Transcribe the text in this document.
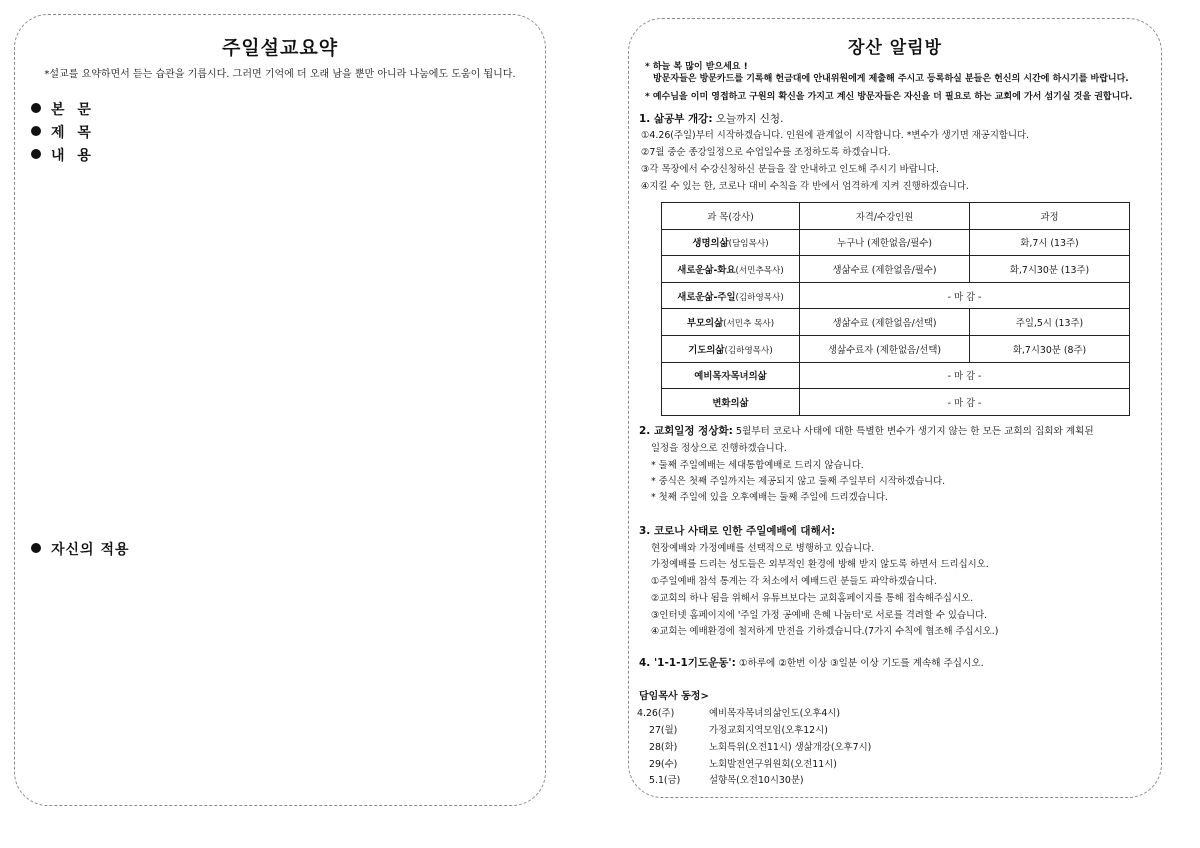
주일설교요약
*설교를 요약하면서 듣는 습관을 기릅시다. 그러면 기억에 더 오래 남을 뿐만 아니라 나눔에도 도움이 됩니다.
본 문
제 목
내 용
자신의 적용
장산 알림방
* 하늘 복 많이 받으세요 !
방문자들은 방문카드를 기록해 헌금대에 안내위원에게 제출해 주시고 등록하실 분들은 헌신의 시간에 하시기를 바랍니다.
* 예수님을 이미 영접하고 구원의 확신을 가지고 계신 방문자들은 자신을 더 필요로 하는 교회에 가서 섬기실 것을 권합니다.
1. 삶공부 개강: 오늘까지 신청.
①4.26(주일)부터 시작하겠습니다. 인원에 관계없이 시작합니다. *변수가 생기면 재공지합니다.
②7월 중순 종강일정으로 수업일수를 조정하도록 하겠습니다.
③각 목장에서 수강신청하신 분들을 잘 안내하고 인도해 주시기 바랍니다.
④지킬 수 있는 한, 코로나 대비 수칙을 각 반에서 엄격하게 지켜 진행하겠습니다.
과 목(강사)	자격/수강인원	과정
생명의삶(담임목사)	누구나 (제한없음/필수)	화,7시 (13주)
새로운삶-화요(서민추목사)	생삶수료 (제한없음/필수)	화,7시30분 (13주)
새로운삶-주일(김하영목사)	- 마 감 -	
부모의삶(서민추 목사)	생삶수료 (제한없음/선택)	주일,5시 (13주)
기도의삶(김하영목사)	생삶수료자 (제한없음/선택)	화,7시30분 (8주)
예비목자목녀의삶	- 마 감 -	
변화의삶	- 마 감 -	
2. 교회일정 정상화: 5월부터 코로나 사태에 대한 특별한 변수가 생기지 않는 한 모든 교회의 집회와 계획된
일정을 정상으로 진행하겠습니다.
* 둘째 주일예배는 세대통합예배로 드리지 않습니다.
* 중식은 첫째 주일까지는 제공되지 않고 둘째 주일부터 시작하겠습니다.
* 첫째 주일에 있을 오후예배는 둘째 주일에 드리겠습니다.
3. 코로나 사태로 인한 주일예배에 대해서:
현장예배와 가정예배를 선택적으로 병행하고 있습니다.
가정예배를 드리는 성도들은 외부적인 환경에 방해 받지 않도록 하면서 드리십시오.
①주일예배 참석 통계는 각 처소에서 예배드린 분들도 파악하겠습니다.
②교회의 하나 됨을 위해서 유튜브보다는 교회홈페이지를 통해 접속해주십시오.
③인터넷 홈페이지에 '주일 가정 공예배 은혜 나눔터'로 서로를 격려할 수 있습니다.
④교회는 예배환경에 철저하게 만전을 기하겠습니다.(7가지 수칙에 협조해 주십시오.)
4. '1-1-1기도운동': ①하루에 ②한번 이상 ③일분 이상 기도를 계속해 주십시오.
담임목사 동정>
4.26(주)	예비목자목녀의삶인도(오후4시)
27(월)	가정교회지역모임(오후12시)
28(화)	노회특위(오전11시) 생삶개강(오후7시)
29(수)	노회발전연구위원회(오전11시)
5.1(금)	설향목(오전10시30분)
